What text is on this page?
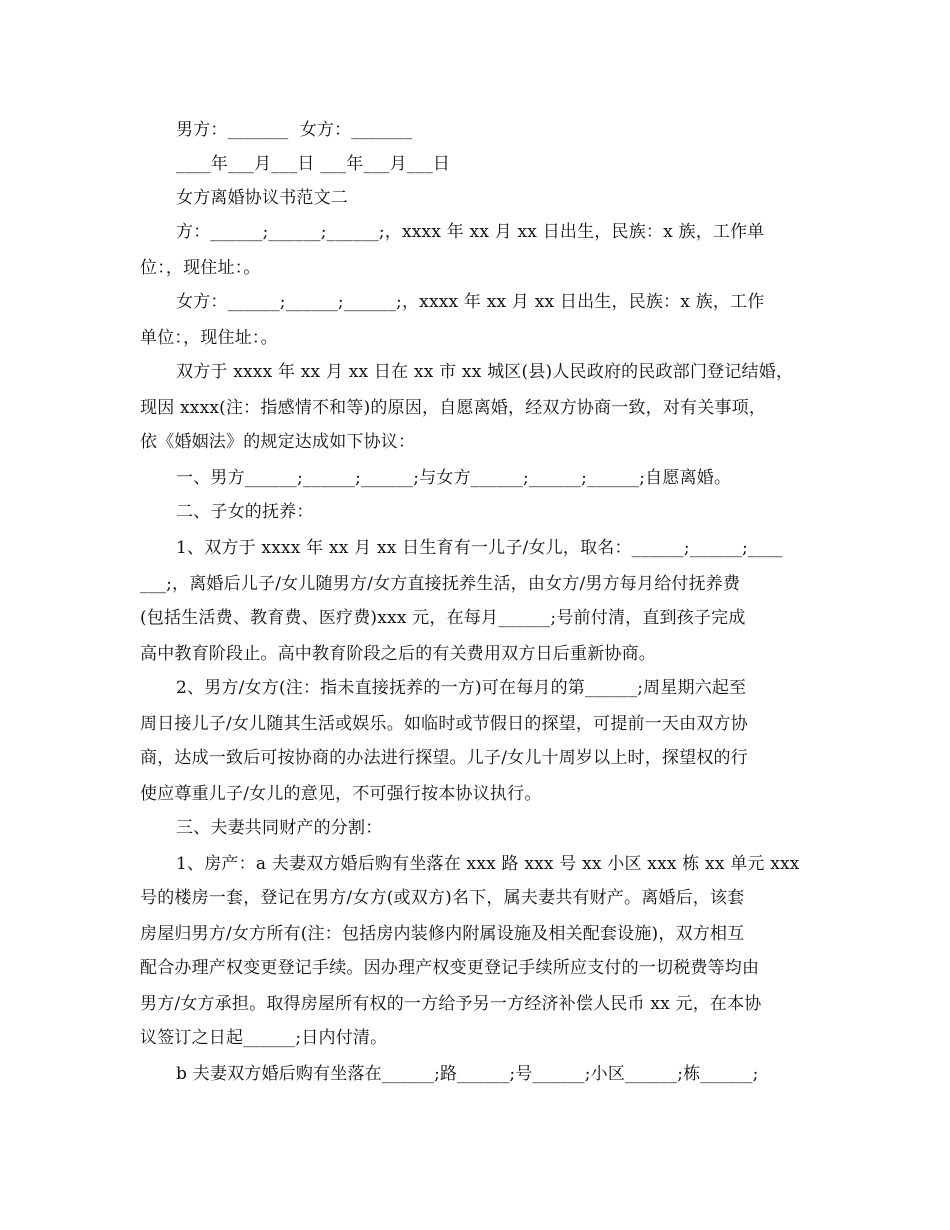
男方：_______  女方：_______
____年___月___日 ___年___月___日
女方离婚协议书范文二
方：______;______;______;，xxxx 年 xx 月 xx 日出生，民族：x 族，工作单
位：，现住址：。
女方：______;______;______;，xxxx 年 xx 月 xx 日出生，民族：x 族，工作
单位：，现住址：。
双方于 xxxx 年 xx 月 xx 日在 xx 市 xx 城区(县)人民政府的民政部门登记结婚，
现因 xxxx(注：指感情不和等)的原因，自愿离婚，经双方协商一致，对有关事项，
依《婚姻法》的规定达成如下协议：
一、男方______;______;______;与女方______;______;______;自愿离婚。
二、子女的抚养：
1、双方于 xxxx 年 xx 月 xx 日生育有一儿子/女儿，取名：______;______;____
___;，离婚后儿子/女儿随男方/女方直接抚养生活，由女方/男方每月给付抚养费
(包括生活费、教育费、医疗费)xxx 元，在每月______;号前付清，直到孩子完成
高中教育阶段止。高中教育阶段之后的有关费用双方日后重新协商。
2、男方/女方(注：指未直接抚养的一方)可在每月的第______;周星期六起至
周日接儿子/女儿随其生活或娱乐。如临时或节假日的探望，可提前一天由双方协
商，达成一致后可按协商的办法进行探望。儿子/女儿十周岁以上时，探望权的行
使应尊重儿子/女儿的意见，不可强行按本协议执行。
三、夫妻共同财产的分割：
1、房产：a 夫妻双方婚后购有坐落在 xxx 路 xxx 号 xx 小区 xxx 栋 xx 单元 xxx
号的楼房一套，登记在男方/女方(或双方)名下，属夫妻共有财产。离婚后，该套
房屋归男方/女方所有(注：包括房内装修内附属设施及相关配套设施)，双方相互
配合办理产权变更登记手续。因办理产权变更登记手续所应支付的一切税费等均由
男方/女方承担。取得房屋所有权的一方给予另一方经济补偿人民币 xx 元，在本协
议签订之日起______;日内付清。
b 夫妻双方婚后购有坐落在______;路______;号______;小区______;栋______;
